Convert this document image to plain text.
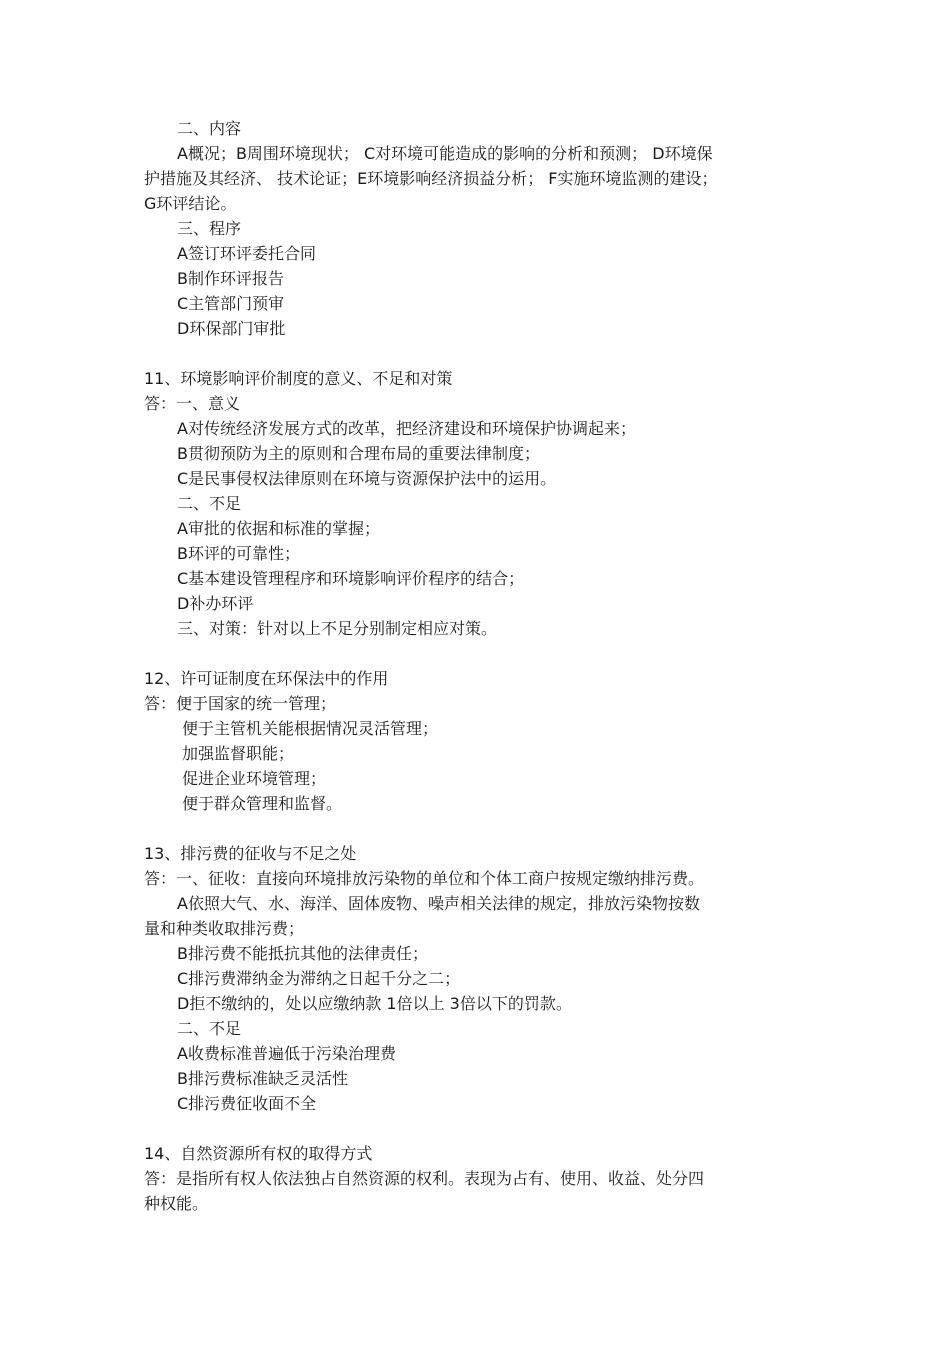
二、内容
A概况；B周围环境现状； C对环境可能造成的影响的分析和预测； D环境保
护措施及其经济、 技术论证；E环境影响经济损益分析； F实施环境监测的建设；
G环评结论。
三、程序
A签订环评委托合同
B制作环评报告
C主管部门预审
D环保部门审批
11、环境影响评价制度的意义、不足和对策
答：一、意义
A对传统经济发展方式的改革，把经济建设和环境保护协调起来；
B贯彻预防为主的原则和合理布局的重要法律制度；
C是民事侵权法律原则在环境与资源保护法中的运用。
二、不足
A审批的依据和标准的掌握；
B环评的可靠性；
C基本建设管理程序和环境影响评价程序的结合；
D补办环评
三、对策：针对以上不足分别制定相应对策。
12、许可证制度在环保法中的作用
答：便于国家的统一管理；
便于主管机关能根据情况灵活管理；
加强监督职能；
促进企业环境管理；
便于群众管理和监督。
13、排污费的征收与不足之处
答：一、征收：直接向环境排放污染物的单位和个体工商户按规定缴纳排污费。
A依照大气、水、海洋、固体废物、噪声相关法律的规定，排放污染物按数
量和种类收取排污费；
B排污费不能抵抗其他的法律责任；
C排污费滞纳金为滞纳之日起千分之二；
D拒不缴纳的，处以应缴纳款 1倍以上 3倍以下的罚款。
二、不足
A收费标准普遍低于污染治理费
B排污费标准缺乏灵活性
C排污费征收面不全
14、自然资源所有权的取得方式
答：是指所有权人依法独占自然资源的权利。表现为占有、使用、收益、处分四
种权能。
